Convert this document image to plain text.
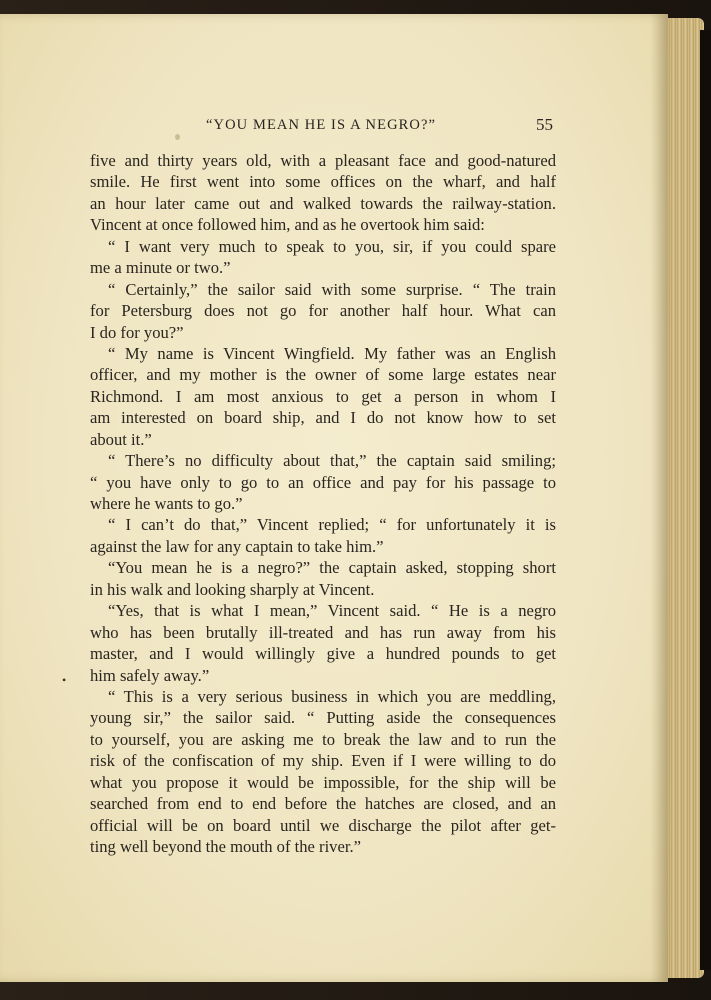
“YOU MEAN HE IS A NEGRO?”	55
•
five and thirty years old, with a pleasant face and good-natured
smile. He first went into some offices on the wharf, and half
an hour later came out and walked towards the railway-station.
Vincent at once followed him, and as he overtook him said:
“ I want very much to speak to you, sir, if you could spare
me a minute or two.”
“ Certainly,” the sailor said with some surprise. “ The train
for Petersburg does not go for another half hour. What can
I do for you?”
“ My name is Vincent Wingfield. My father was an English
officer, and my mother is the owner of some large estates near
Richmond. I am most anxious to get a person in whom I
am interested on board ship, and I do not know how to set
about it.”
“ There’s no difficulty about that,” the captain said smiling;
“ you have only to go to an office and pay for his passage to
where he wants to go.”
“ I can’t do that,” Vincent replied; “ for unfortunately it is
against the law for any captain to take him.”
“You mean he is a negro?” the captain asked, stopping short
in his walk and looking sharply at Vincent.
“Yes, that is what I mean,” Vincent said. “ He is a negro
who has been brutally ill-treated and has run away from his
master, and I would willingly give a hundred pounds to get
him safely away.”
“ This is a very serious business in which you are meddling,
young sir,” the sailor said. “ Putting aside the consequences
to yourself, you are asking me to break the law and to run the
risk of the confiscation of my ship. Even if I were willing to do
what you propose it would be impossible, for the ship will be
searched from end to end before the hatches are closed, and an
official will be on board until we discharge the pilot after get-
ting well beyond the mouth of the river.”
